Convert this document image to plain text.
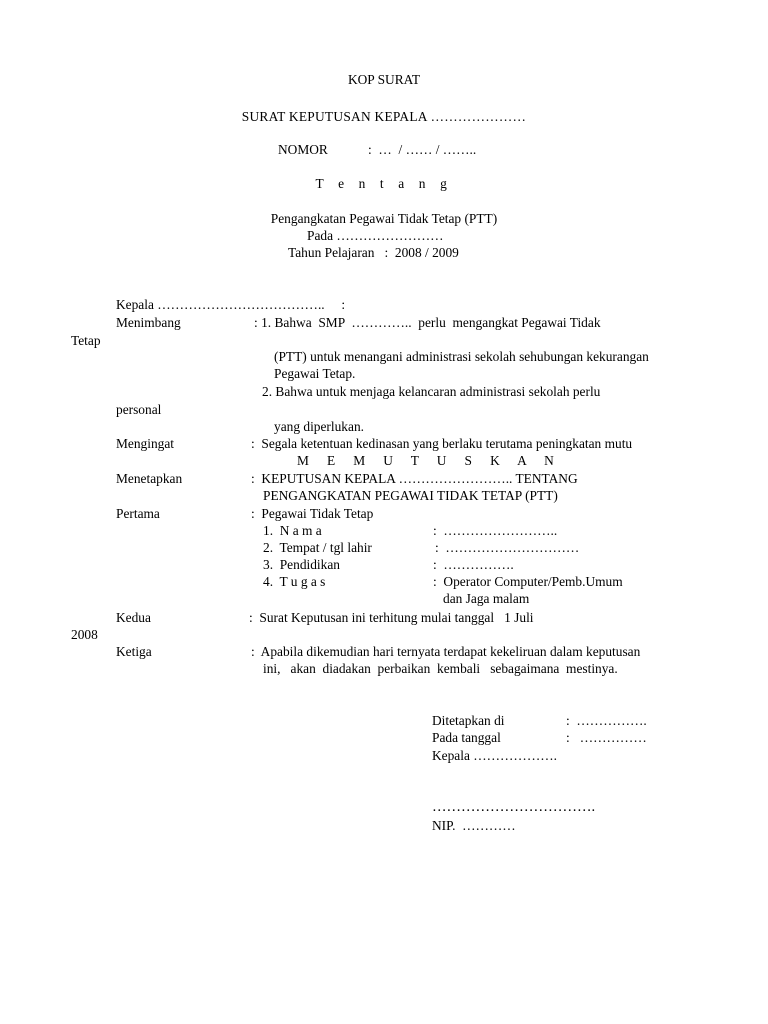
KOP SURAT
SURAT KEPUTUSAN KEPALA …………………
NOMOR	:  …  / …… / ……..
T e n t a n g
Pengangkatan Pegawai Tidak Tetap (PTT)
Pada ……………………
Tahun Pelajaran   :  2008 / 2009
Kepala ………………………………..     :
Menimbang	: 1. Bahwa  SMP  …………..  perlu  mengangkat Pegawai Tidak
Tetap
(PTT) untuk menangani administrasi sekolah sehubungan kekurangan
Pegawai Tetap.
2. Bahwa untuk menjaga kelancaran administrasi sekolah perlu
personal
yang diperlukan.
Mengingat	:  Segala ketentuan kedinasan yang berlaku terutama peningkatan mutu
M E M U T U S K A N
Menetapkan	:  KEPUTUSAN KEPALA …………………….. TENTANG
PENGANGKATAN PEGAWAI TIDAK TETAP (PTT)
Pertama	:  Pegawai Tidak Tetap
1.  N a m a	:  ……………………..
2.  Tempat / tgl lahir	:  …………………………
3.  Pendidikan	:  …………….
4.  T u g a s	:  Operator Computer/Pemb.Umum
dan Jaga malam
Kedua	:  Surat Keputusan ini terhitung mulai tanggal   1 Juli
2008
Ketiga	:  Apabila dikemudian hari ternyata terdapat kekeliruan dalam keputusan
ini,   akan  diadakan  perbaikan  kembali   sebagaimana  mestinya.
Ditetapkan di	:  …………….
Pada tanggal	:   ……………
Kepala ……………….
…………………………….
NIP.  …………
